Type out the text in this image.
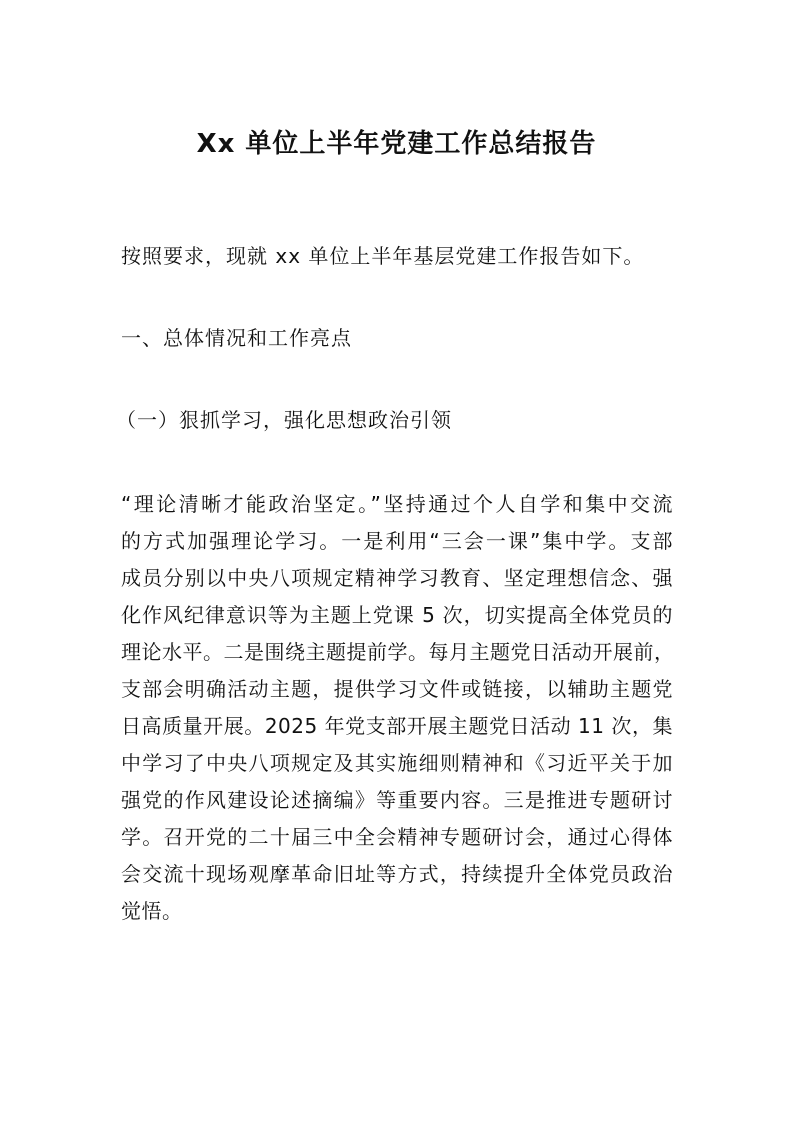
Xx 单位上半年党建工作总结报告
按照要求，现就 xx 单位上半年基层党建工作报告如下。
一、总体情况和工作亮点
（一）狠抓学习，强化思想政治引领
“理论清晰才能政治坚定。”坚持通过个人自学和集中交流
的方式加强理论学习。一是利用“三会一课”集中学。支部
成员分别以中央八项规定精神学习教育、坚定理想信念、强
化作风纪律意识等为主题上党课 5 次，切实提高全体党员的
理论水平。二是围绕主题提前学。每月主题党日活动开展前，
支部会明确活动主题，提供学习文件或链接，以辅助主题党
日高质量开展。2025 年党支部开展主题党日活动 11 次，集
中学习了中央八项规定及其实施细则精神和《习近平关于加
强党的作风建设论述摘编》等重要内容。三是推进专题研讨
学。召开党的二十届三中全会精神专题研讨会，通过心得体
会交流十现场观摩革命旧址等方式，持续提升全体党员政治
觉悟。
